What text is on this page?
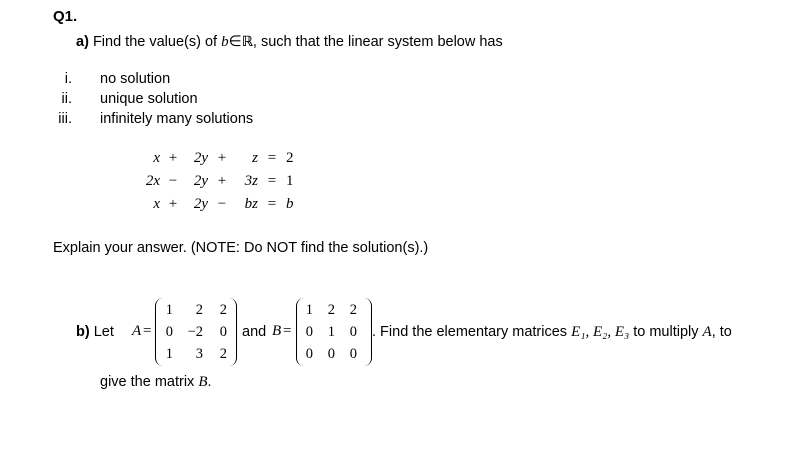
Q1.
a) Find the value(s) of b∈ℝ, such that the linear system below has
i. no solution
ii. unique solution
iii. infinitely many solutions
x	+	2y	+	z	=	2
2x	−	2y	+	3z	=	1
x	+	2y	−	bz	=	b
Explain your answer. (NOTE: Do NOT find the solution(s).)
b) Let A =
1	2	2
0	−2	0
1	3	2
and B =
1	2	2
0	1	0
0	0	0
. Find the elementary matrices E₁, E₂, E₃ to multiply A, to
give the matrix B.
